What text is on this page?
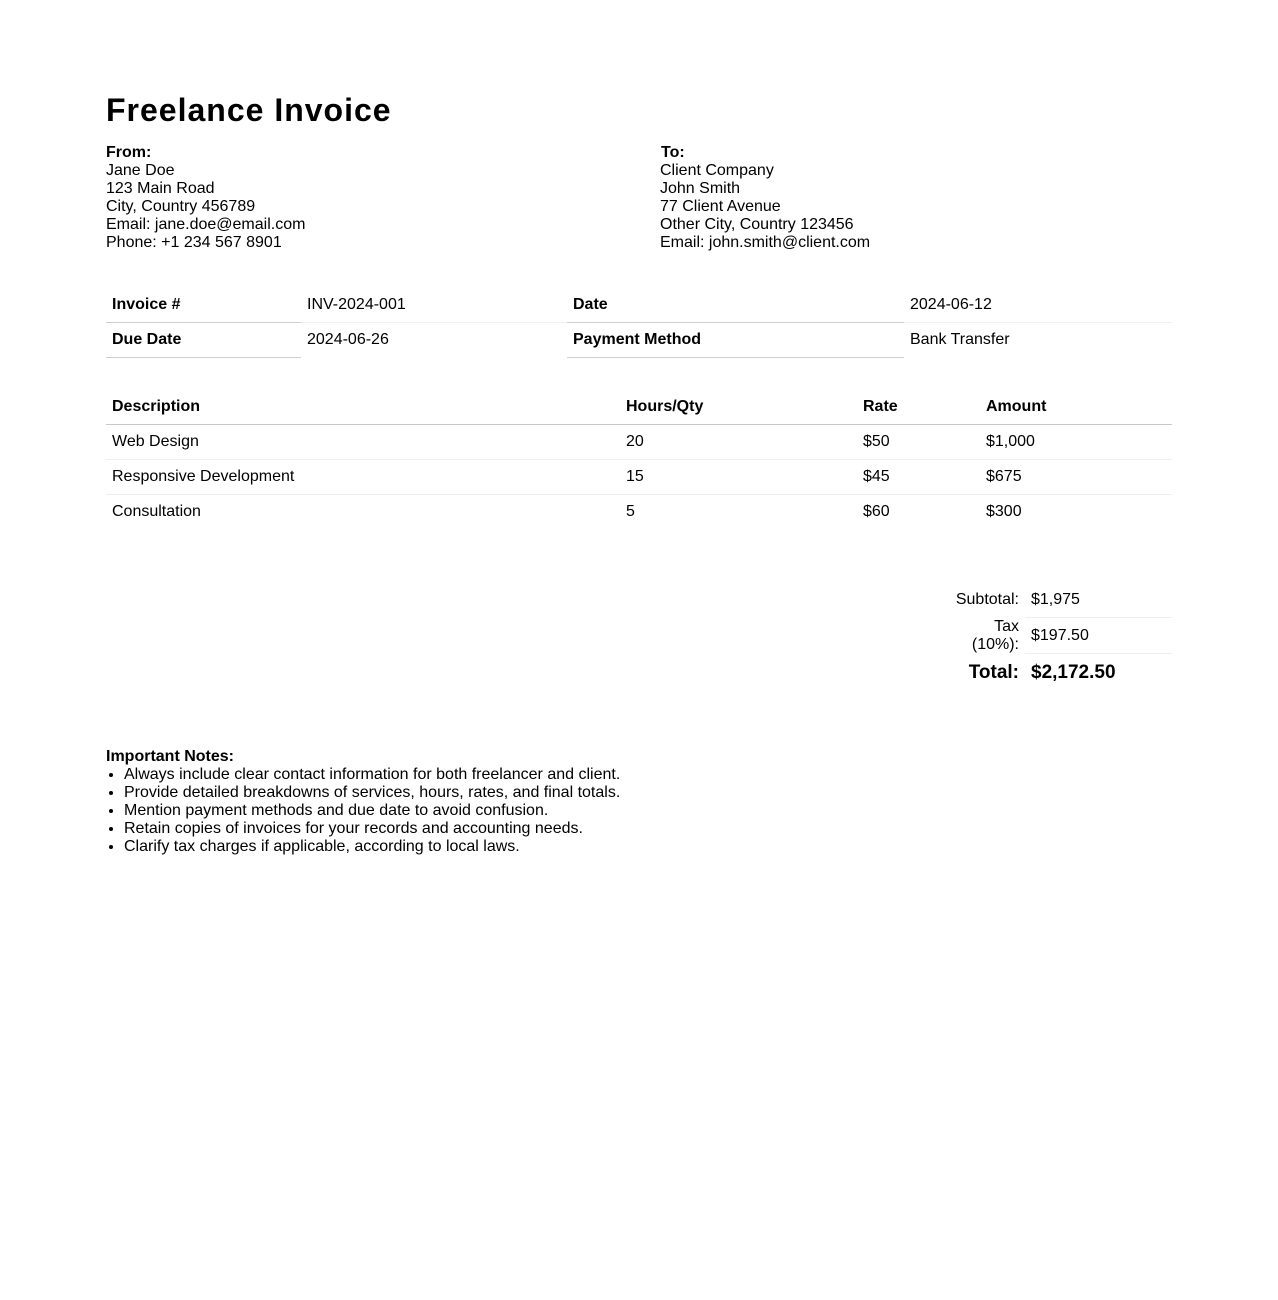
Freelance Invoice
From:
Jane Doe
123 Main Road
City, Country 456789
Email: jane.doe@email.com
Phone: +1 234 567 8901
To:
Client Company
John Smith
77 Client Avenue
Other City, Country 123456
Email: john.smith@client.com
Invoice #	INV-2024-001	Date	2024-06-12
Due Date	2024-06-26	Payment Method	Bank Transfer
Description	Hours/Qty	Rate	Amount
Web Design	20	$50	$1,000
Responsive Development	15	$45	$675
Consultation	5	$60	$300
Subtotal:	$1,975
Tax (10%):	$197.50
Total:	$2,172.50
Important Notes:
• Always include clear contact information for both freelancer and client.
• Provide detailed breakdowns of services, hours, rates, and final totals.
• Mention payment methods and due date to avoid confusion.
• Retain copies of invoices for your records and accounting needs.
• Clarify tax charges if applicable, according to local laws.
